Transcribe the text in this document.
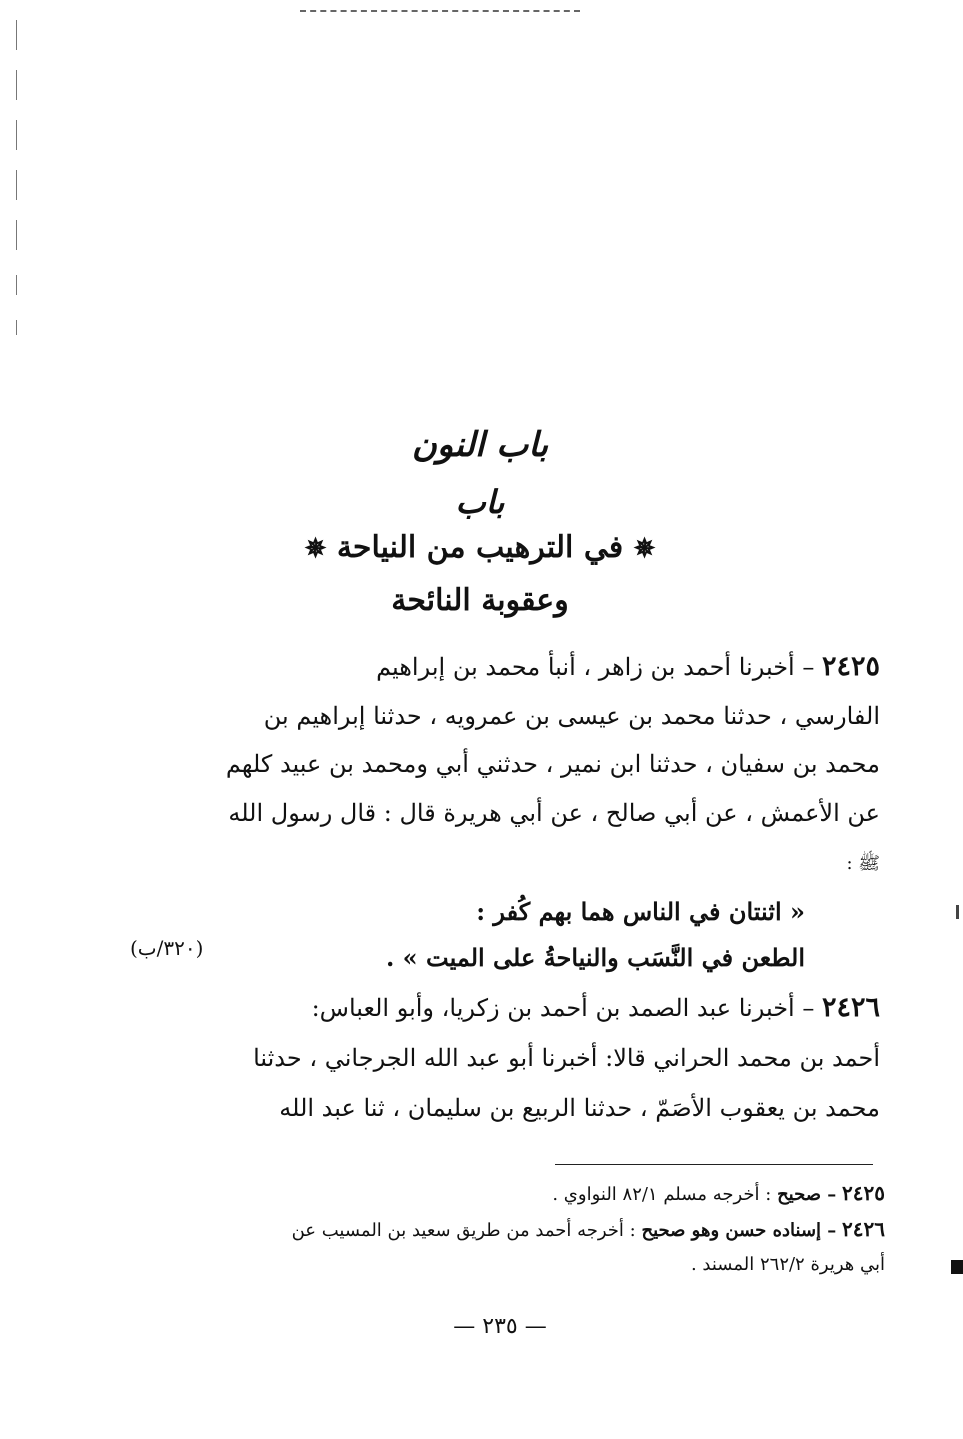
باب النون
باب
✵ في الترهيب من النياحة ✵
وعقوبة النائحة
٢٤٢٥ – أخبرنا أحمد بن زاهر ، أنبأ محمد بن إبراهيم
الفارسي ، حدثنا محمد بن عيسى بن عمرويه ، حدثنا إبراهيم بن
محمد بن سفيان ، حدثنا ابن نمير ، حدثني أبي ومحمد بن عبيد كلهم
عن الأعمش ، عن أبي صالح ، عن أبي هريرة قال : قال رسول الله
ﷺ :
« اثنتان في الناس هما بهم كُفر :
الطعن في النَّسَب والنياحةُ على الميت » .
(٣٢٠/ب)
٢٤٢٦ – أخبرنا عبد الصمد بن أحمد بن زكريا، وأبو العباس:
أحمد بن محمد الحراني قالا: أخبرنا أبو عبد الله الجرجاني ، حدثنا
محمد بن يعقوب الأصَمّ ، حدثنا الربيع بن سليمان ، ثنا عبد الله
٢٤٢٥ – صحيح : أخرجه مسلم ٨٢/١ النواوي .
٢٤٢٦ – إسناده حسن وهو صحيح : أخرجه أحمد من طريق سعيد بن المسيب عن
أبي هريرة ٢٦٢/٢ المسند .
— ٢٣٥ —
